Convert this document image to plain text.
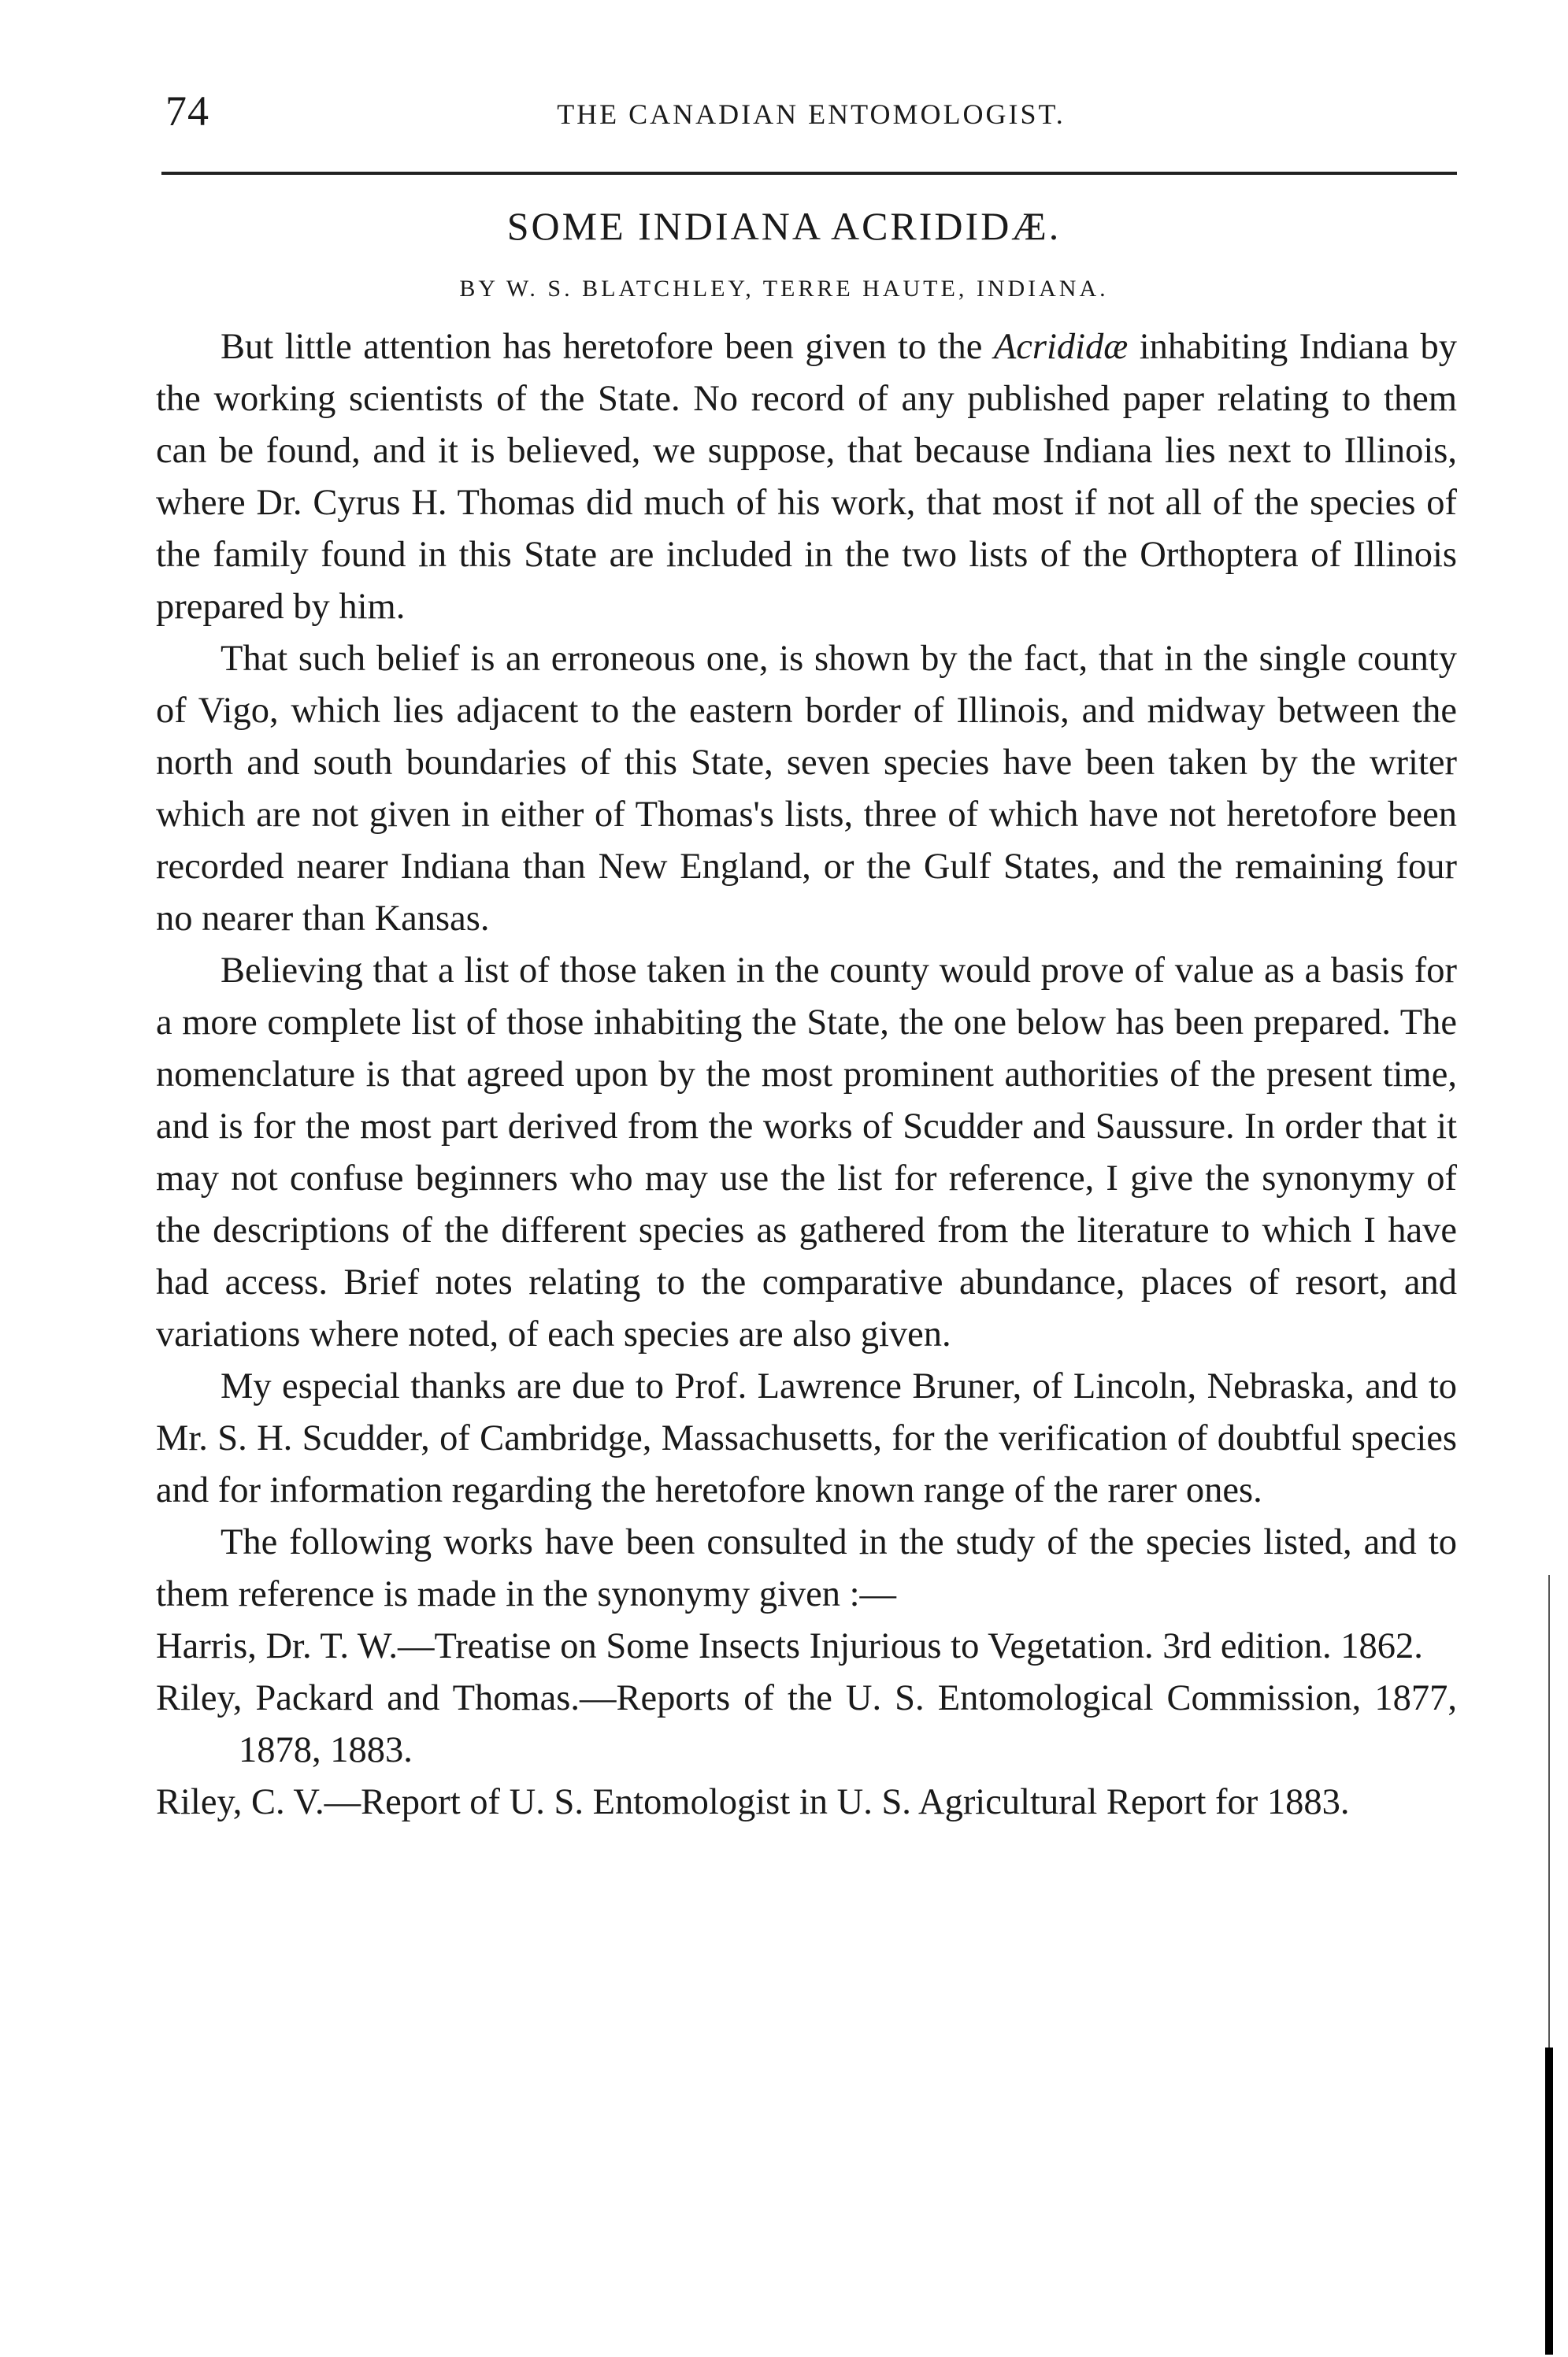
74	THE CANADIAN ENTOMOLOGIST.
SOME INDIANA ACRIDIDÆ.
BY W. S. BLATCHLEY, TERRE HAUTE, INDIANA.

But little attention has heretofore been given to the Acrididæ inhabiting Indiana by the working scientists of the State. No record of any published paper relating to them can be found, and it is believed, we suppose, that because Indiana lies next to Illinois, where Dr. Cyrus H. Thomas did much of his work, that most if not all of the species of the family found in this State are included in the two lists of the Orthoptera of Illinois prepared by him.

That such belief is an erroneous one, is shown by the fact, that in the single county of Vigo, which lies adjacent to the eastern border of Illinois, and midway between the north and south boundaries of this State, seven species have been taken by the writer which are not given in either of Thomas's lists, three of which have not heretofore been recorded nearer Indiana than New England, or the Gulf States, and the remaining four no nearer than Kansas.

Believing that a list of those taken in the county would prove of value as a basis for a more complete list of those inhabiting the State, the one below has been prepared. The nomenclature is that agreed upon by the most prominent authorities of the present time, and is for the most part derived from the works of Scudder and Saussure. In order that it may not confuse beginners who may use the list for reference, I give the synonymy of the descriptions of the different species as gathered from the literature to which I have had access. Brief notes relating to the comparative abundance, places of resort, and variations where noted, of each species are also given.

My especial thanks are due to Prof. Lawrence Bruner, of Lincoln, Nebraska, and to Mr. S. H. Scudder, of Cambridge, Massachusetts, for the verification of doubtful species and for information regarding the heretofore known range of the rarer ones.

The following works have been consulted in the study of the species listed, and to them reference is made in the synonymy given :—

Harris, Dr. T. W.—Treatise on Some Insects Injurious to Vegetation. 3rd edition. 1862.
Riley, Packard and Thomas.—Reports of the U. S. Entomological Commission, 1877, 1878, 1883.
Riley, C. V.—Report of U. S. Entomologist in U. S. Agricultural Report for 1883.
